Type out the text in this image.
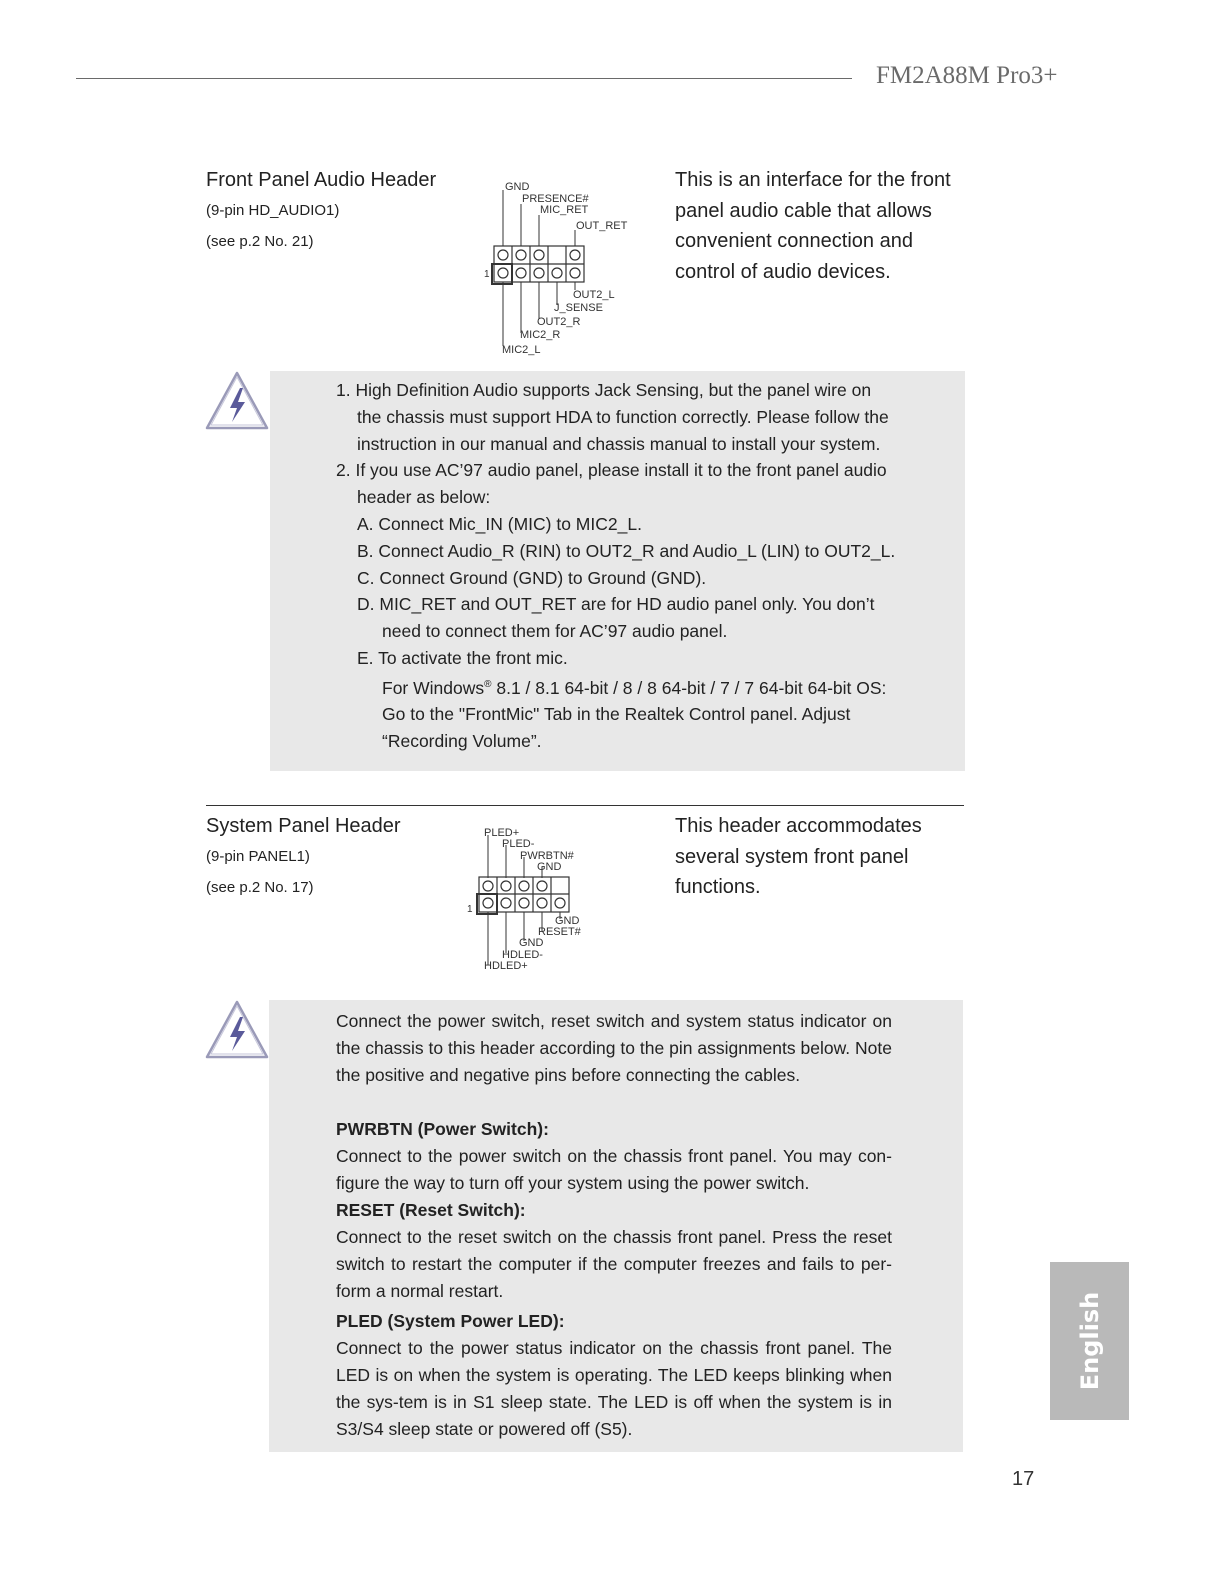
FM2A88M Pro3+
Front Panel Audio Header
(9-pin HD_AUDIO1)
(see p.2 No. 21)
This is an interface for the front panel audio cable that allows convenient connection and control of audio devices.
1
GND
PRESENCE#
MIC_RET
OUT_RET
OUT2_L
J_SENSE
OUT2_R
MIC2_R
MIC2_L

1. High Definition Audio supports Jack Sensing, but the panel wire on

the chassis must support HDA to function correctly. Please follow the

instruction in our manual and chassis manual to install your system.

2. If you use AC’97 audio panel, please install it to the front panel audio

header as below:

A. Connect Mic_IN (MIC) to MIC2_L.

B. Connect Audio_R (RIN) to OUT2_R and Audio_L (LIN) to OUT2_L.

C. Connect Ground (GND) to Ground (GND).

D. MIC_RET and OUT_RET are for HD audio panel only. You don’t

need to connect them for AC’97 audio panel.

E. To activate the front mic.

For Windows® 8.1 / 8.1 64-bit / 8 / 8 64-bit / 7 / 7 64-bit 64-bit OS:

Go to the "FrontMic" Tab in the Realtek Control panel. Adjust

“Recording Volume”.

System Panel Header
(9-pin PANEL1)
(see p.2 No. 17)
This header accommodates several system front panel functions.
1
PLED+
PLED-
PWRBTN#
GND
GND
RESET#
GND
HDLED-
HDLED+

Connect the power switch, reset switch and system status indicator on the chassis to this header according to the pin assignments below. Note the positive and negative pins before connecting the cables.

PWRBTN (Power Switch):

Connect to the power switch on the chassis front panel. You may con-figure the way to turn off your system using the power switch.

RESET (Reset Switch):

Connect to the reset switch on the chassis front panel. Press the reset switch to restart the computer if the computer freezes and fails to per-form a normal restart.

PLED (System Power LED):

Connect to the power status indicator on the chassis front panel. The LED is on when the system is operating. The LED keeps blinking when the sys-tem is in S1 sleep state. The LED is off when the system is in S3/S4 sleep state or powered off (S5).

English
17
